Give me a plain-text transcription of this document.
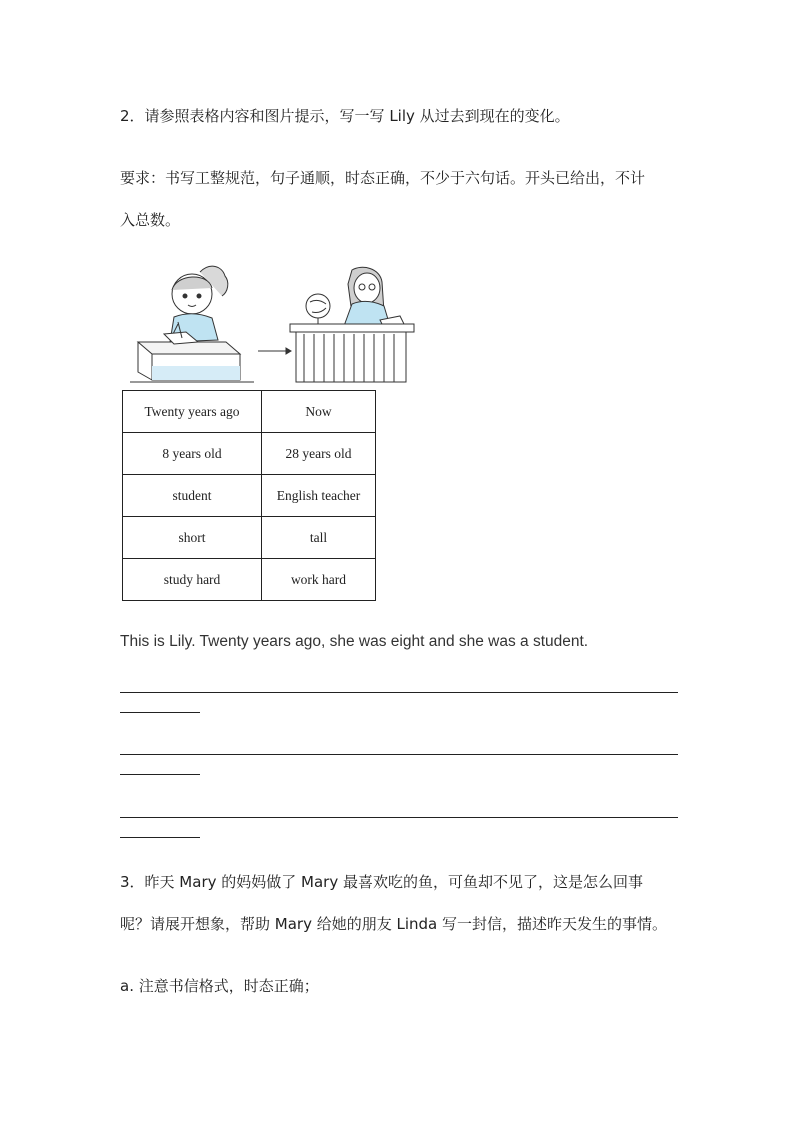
2．请参照表格内容和图片提示，写一写 Lily 从过去到现在的变化。
要求：书写工整规范，句子通顺，时态正确，不少于六句话。开头已给出，不计
入总数。
Twenty years ago	Now
8 years old	28 years old
student	English teacher
short	tall
study hard	work hard
This is Lily. Twenty years ago, she was eight and she was a student.
3．昨天 Mary 的妈妈做了 Mary 最喜欢吃的鱼，可鱼却不见了，这是怎么回事
呢？请展开想象，帮助 Mary 给她的朋友 Linda 写一封信，描述昨天发生的事情。
a. 注意书信格式，时态正确；
